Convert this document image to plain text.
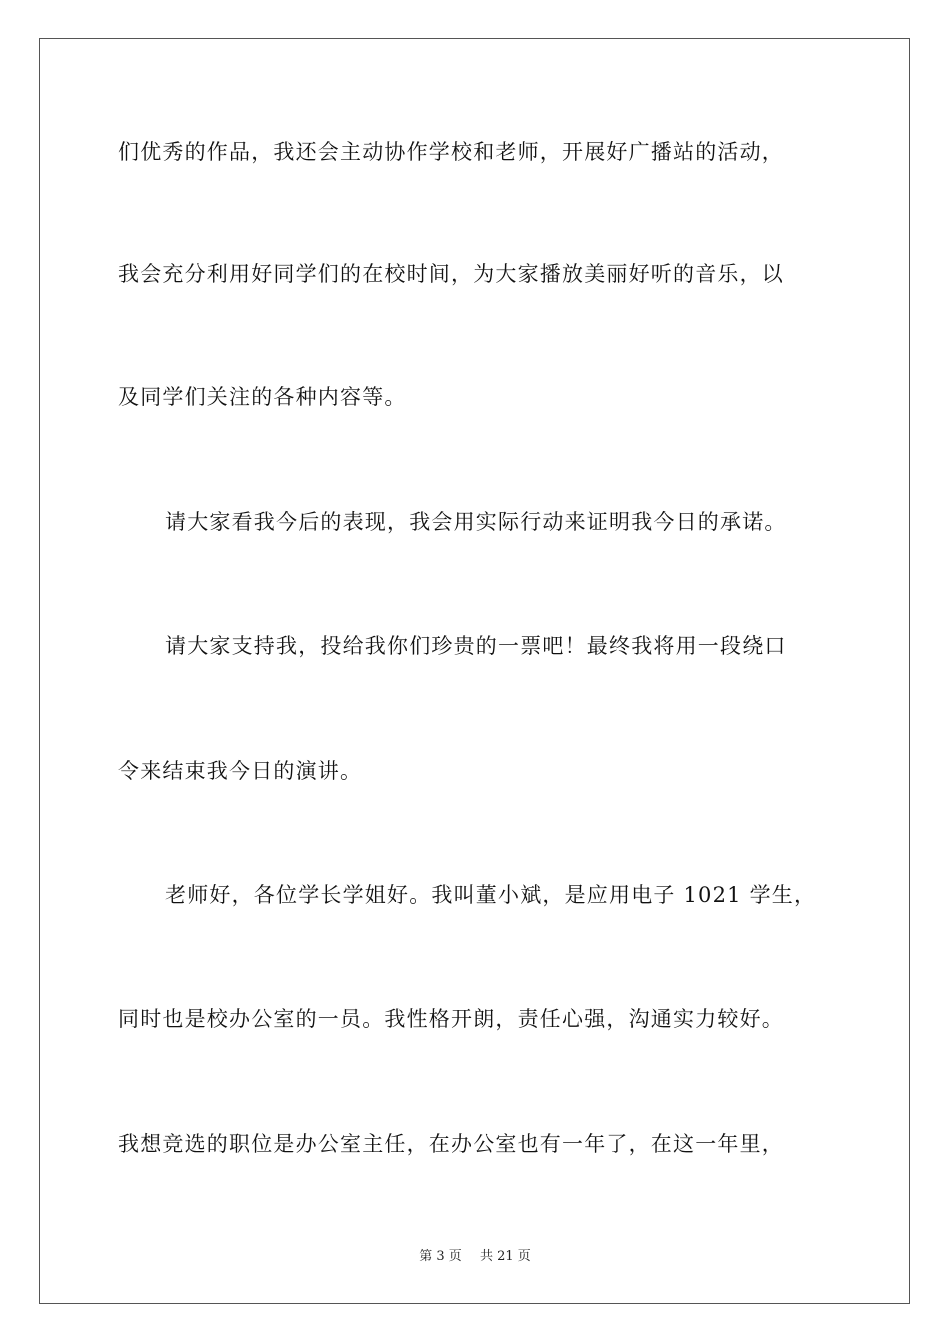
们优秀的作品，我还会主动协作学校和老师，开展好广播站的活动，
我会充分利用好同学们的在校时间，为大家播放美丽好听的音乐，以
及同学们关注的各种内容等。
请大家看我今后的表现，我会用实际行动来证明我今日的承诺。
请大家支持我，投给我你们珍贵的一票吧！最终我将用一段绕口
令来结束我今日的演讲。
老师好，各位学长学姐好。我叫董小斌，是应用电子 1021 学生，
同时也是校办公室的一员。我性格开朗，责任心强，沟通实力较好。
我想竞选的职位是办公室主任，在办公室也有一年了，在这一年里，
第 3 页 共 21 页
